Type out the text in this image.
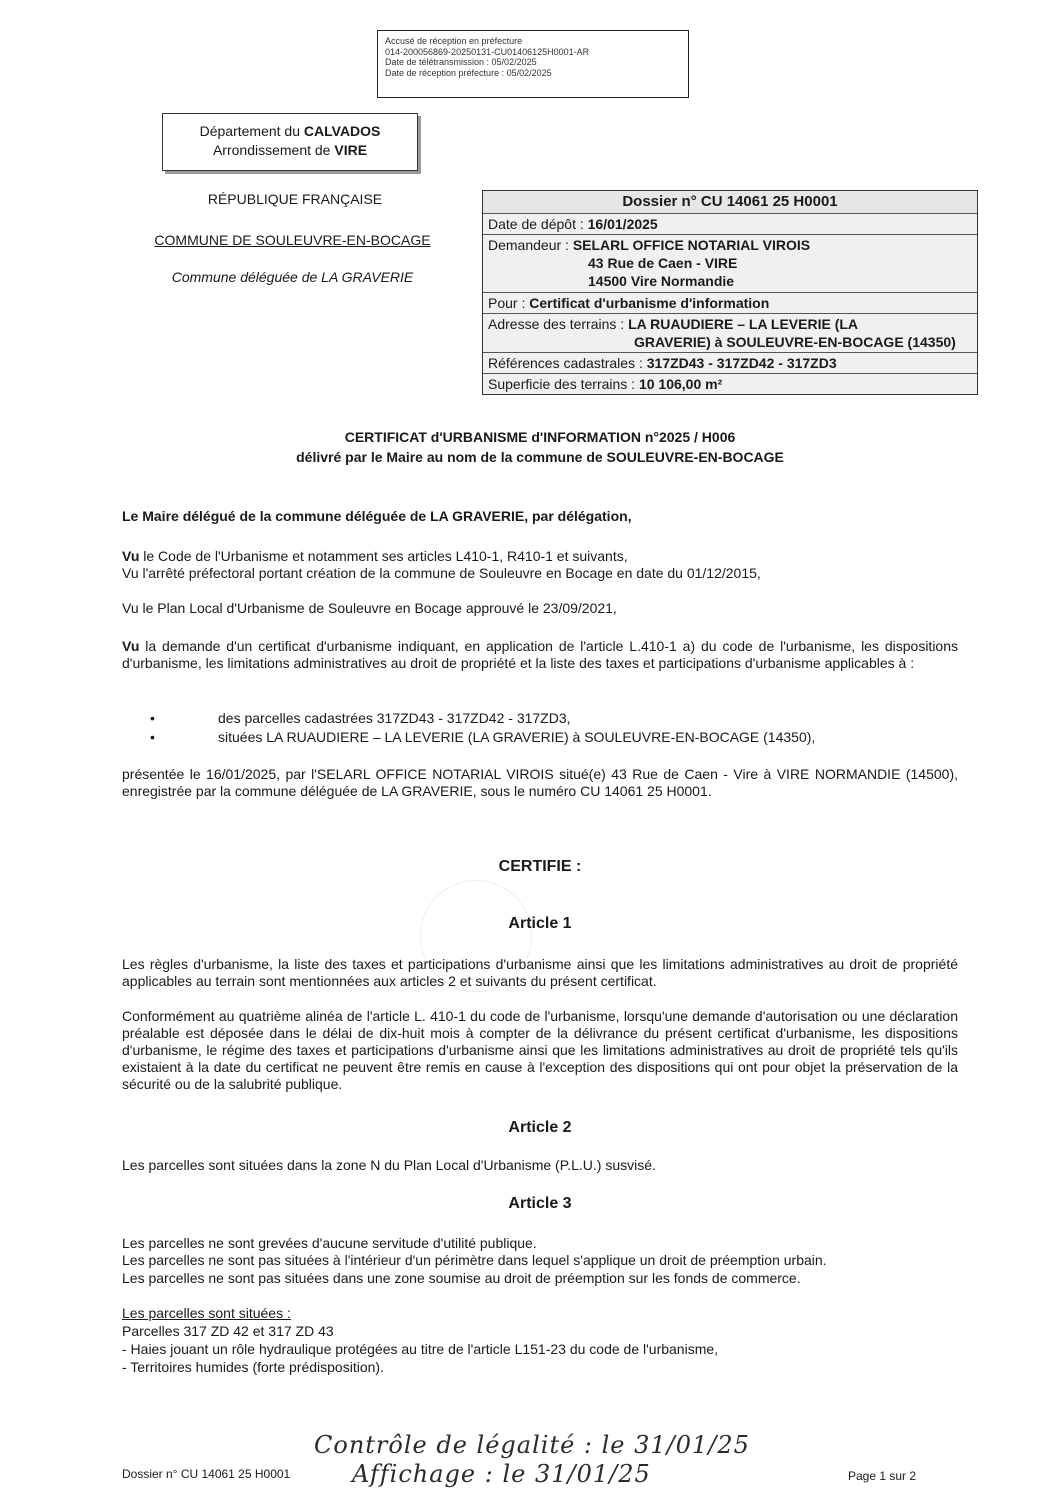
Accusé de réception en préfecture
014-200056869-20250131-CU01406125H0001-AR
Date de télétransmission : 05/02/2025
Date de réception préfecture : 05/02/2025
Département du CALVADOS
Arrondissement de VIRE
RÉPUBLIQUE FRANÇAISE
COMMUNE DE SOULEUVRE-EN-BOCAGE
Commune déléguée de LA GRAVERIE
Dossier n° CU 14061 25 H0001
Date de dépôt : 16/01/2025
Demandeur : SELARL OFFICE NOTARIAL VIROIS
43 Rue de Caen - VIRE
14500 Vire Normandie
Pour : Certificat d'urbanisme d'information
Adresse des terrains : LA RUAUDIERE – LA LEVERIE (LA
GRAVERIE) à SOULEUVRE-EN-BOCAGE (14350)
Références cadastrales : 317ZD43 - 317ZD42 - 317ZD3
Superficie des terrains : 10 106,00 m²
CERTIFICAT d'URBANISME d'INFORMATION n°2025 / H006
délivré par le Maire au nom de la commune de SOULEUVRE-EN-BOCAGE
Le Maire délégué de la commune déléguée de LA GRAVERIE, par délégation,
Vu le Code de l'Urbanisme et notamment ses articles L410-1, R410-1 et suivants,
Vu l'arrêté préfectoral portant création de la commune de Souleuvre en Bocage en date du 01/12/2015,
Vu le Plan Local d'Urbanisme de Souleuvre en Bocage approuvé le 23/09/2021,
Vu la demande d'un certificat d'urbanisme indiquant, en application de l'article L.410-1 a) du code de l'urbanisme, les dispositions d'urbanisme, les limitations administratives au droit de propriété et la liste des taxes et participations d'urbanisme applicables à :
•	des parcelles cadastrées 317ZD43 - 317ZD42 - 317ZD3,
•	situées LA RUAUDIERE – LA LEVERIE (LA GRAVERIE) à SOULEUVRE-EN-BOCAGE (14350),
présentée le 16/01/2025, par l'SELARL OFFICE NOTARIAL VIROIS situé(e) 43 Rue de Caen - Vire à VIRE NORMANDIE (14500), enregistrée par la commune déléguée de LA GRAVERIE, sous le numéro CU 14061 25 H0001.
CERTIFIE :
Article 1
Les règles d'urbanisme, la liste des taxes et participations d'urbanisme ainsi que les limitations administratives au droit de propriété applicables au terrain sont mentionnées aux articles 2 et suivants du présent certificat.
Conformément au quatrième alinéa de l'article L. 410-1 du code de l'urbanisme, lorsqu'une demande d'autorisation ou une déclaration préalable est déposée dans le délai de dix-huit mois à compter de la délivrance du présent certificat d'urbanisme, les dispositions d'urbanisme, le régime des taxes et participations d'urbanisme ainsi que les limitations administratives au droit de propriété tels qu'ils existaient à la date du certificat ne peuvent être remis en cause à l'exception des dispositions qui ont pour objet la préservation de la sécurité ou de la salubrité publique.
Article 2
Les parcelles sont situées dans la zone N du Plan Local d'Urbanisme (P.L.U.) susvisé.
Article 3
Les parcelles ne sont grevées d'aucune servitude d'utilité publique.
Les parcelles ne sont pas situées à l'intérieur d'un périmètre dans lequel s'applique un droit de préemption urbain.
Les parcelles ne sont pas situées dans une zone soumise au droit de préemption sur les fonds de commerce.
Les parcelles sont situées :
Parcelles 317 ZD 42 et 317 ZD 43
- Haies jouant un rôle hydraulique protégées au titre de l'article L151-23 du code de l'urbanisme,
- Territoires humides (forte prédisposition).
Contrôle de légalité : le 31/01/25
Affichage : le 31/01/25
Dossier n° CU 14061 25 H0001	Page 1 sur 2
